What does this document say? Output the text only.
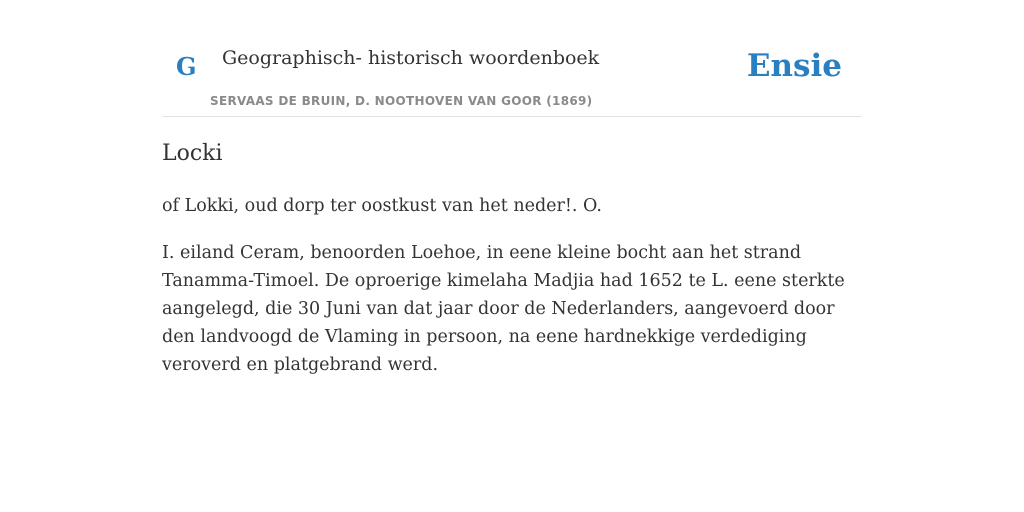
G Geographisch- historisch woordenboek
SERVAAS DE BRUIN, D. NOOTHOVEN VAN GOOR (1869)
Ensie
Locki

of Lokki, oud dorp ter oostkust van het neder!. O.

I. eiland Ceram, benoorden Loehoe, in eene kleine bocht aan het strand Tanamma-Timoel. De oproerige kimelaha Madjia had 1652 te L. eene sterkte aangelegd, die 30 Juni van dat jaar door de Nederlanders, aangevoerd door den landvoogd de Vlaming in persoon, na eene hardnekkige verdediging veroverd en platgebrand werd.
